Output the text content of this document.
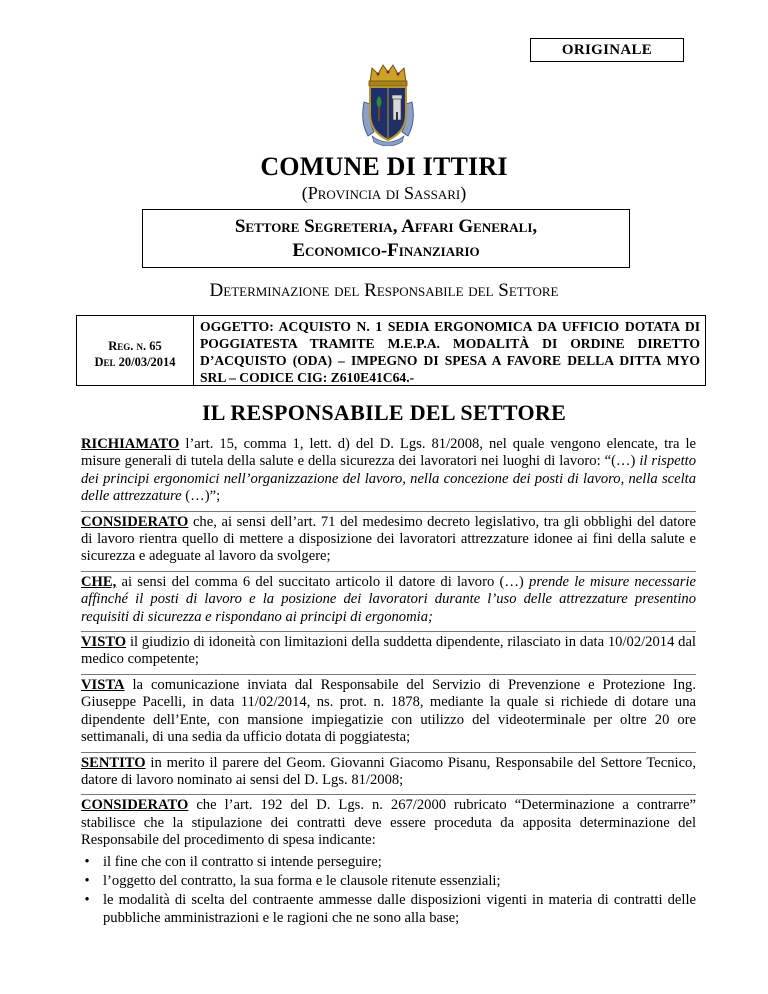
ORIGINALE
COMUNE DI ITTIRI
(Provincia di Sassari)
Settore Segreteria, Affari Generali,
Economico-Finanziario
Determinazione del Responsabile del Settore
Reg. n. 65
Del 20/03/2014
OGGETTO: ACQUISTO N. 1 SEDIA ERGONOMICA DA UFFICIO DOTATA DI POGGIATESTA TRAMITE M.E.P.A. MODALITÀ DI ORDINE DIRETTO D’ACQUISTO (ODA) – IMPEGNO DI SPESA A FAVORE DELLA DITTA MYO SRL – CODICE CIG: Z610E41C64.-
IL RESPONSABILE DEL SETTORE
RICHIAMATO l’art. 15, comma 1, lett. d) del D. Lgs. 81/2008, nel quale vengono elencate, tra le misure generali di tutela della salute e della sicurezza dei lavoratori nei luoghi di lavoro: “(…) il rispetto dei principi ergonomici nell’organizzazione del lavoro, nella concezione dei posti di lavoro, nella scelta delle attrezzature (…)”;
CONSIDERATO che, ai sensi dell’art. 71 del medesimo decreto legislativo, tra gli obblighi del datore di lavoro rientra quello di mettere a disposizione dei lavoratori attrezzature idonee ai fini della salute e sicurezza e adeguate al lavoro da svolgere;
CHE, ai sensi del comma 6 del succitato articolo il datore di lavoro (…) prende le misure necessarie affinché il posti di lavoro e la posizione dei lavoratori durante l’uso delle attrezzature presentino requisiti di sicurezza e rispondano ai principi di ergonomia;
VISTO il giudizio di idoneità con limitazioni della suddetta dipendente, rilasciato in data 10/02/2014 dal medico competente;
VISTA la comunicazione inviata dal Responsabile del Servizio di Prevenzione e Protezione Ing. Giuseppe Pacelli, in data 11/02/2014, ns. prot. n. 1878, mediante la quale si richiede di dotare una dipendente dell’Ente, con mansione impiegatizie con utilizzo del videoterminale per oltre 20 ore settimanali, di una sedia da ufficio dotata di poggiatesta;
SENTITO in merito il parere del Geom. Giovanni Giacomo Pisanu, Responsabile del Settore Tecnico, datore di lavoro nominato ai sensi del D. Lgs. 81/2008;
CONSIDERATO che l’art. 192 del D. Lgs. n. 267/2000 rubricato “Determinazione a contrarre” stabilisce che la stipulazione dei contratti deve essere proceduta da apposita determinazione del Responsabile del procedimento di spesa indicante:
• il fine che con il contratto si intende perseguire;
• l’oggetto del contratto, la sua forma e le clausole ritenute essenziali;
• le modalità di scelta del contraente ammesse dalle disposizioni vigenti in materia di contratti delle pubbliche amministrazioni e le ragioni che ne sono alla base;
